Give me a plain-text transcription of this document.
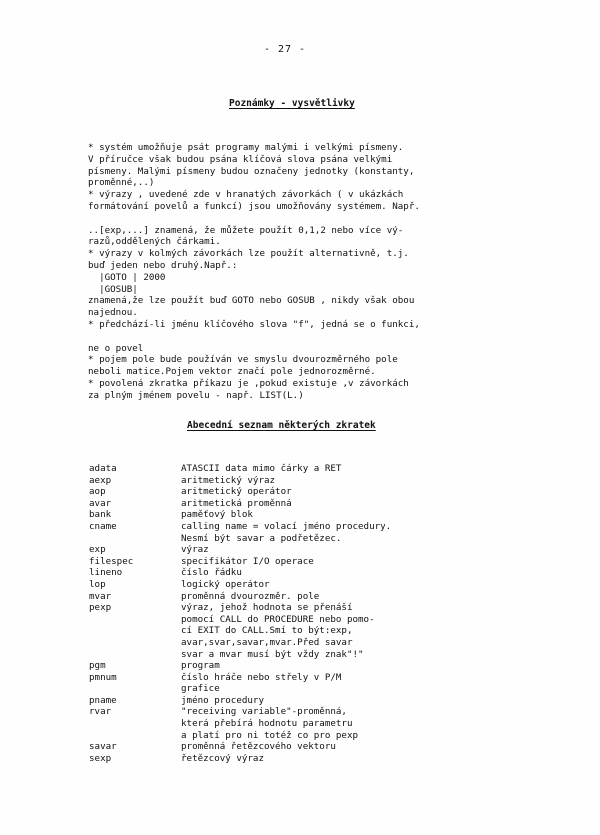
- 27 -
Poznámky - vysvětlivky
* systém umožňuje psát programy malými i velkými písmeny.
V příručce však budou psána klíčová slova psána velkými
písmeny. Malými písmeny budou označeny jednotky (konstanty,
proměnné,..)
* výrazy , uvedené zde v hranatých závorkách ( v ukázkách
formátování povelů a funkcí) jsou umožňovány systémem. Např.
..[exp,...] znamená, že můžete použít 0,1,2 nebo více vý-
razů,oddělených čárkami.
* výrazy v kolmých závorkách lze použít alternativně, t.j.
buď jeden nebo druhý.Např.:
|GOTO | 2000
|GOSUB|
znamená,že lze použít buď GOTO nebo GOSUB , nikdy však obou
najednou.
* předchází-li jménu klíčového slova "f", jedná se o funkci,
ne o povel
* pojem pole bude používán ve smyslu dvourozměrného pole
neboli matice.Pojem vektor značí pole jednorozměrné.
* povolená zkratka příkazu je ,pokud existuje ,v závorkách
za plným jménem povelu - např. LIST(L.)
Abecední seznam některých zkratek
adata	ATASCII data mimo čárky a RET
aexp	aritmetický výraz
aop	aritmetický operátor
avar	aritmetická proměnná
bank	paměťový blok
cname	calling name = volací jméno procedury.
Nesmí být savar a podřetězec.
exp	výraz
filespec	specifikátor I/O operace
lineno	číslo řádku
lop	logický operátor
mvar	proměnná dvourozměr. pole
pexp	výraz, jehož hodnota se přenáší
pomocí CALL do PROCEDURE nebo pomo-
cí EXIT do CALL.Smí to být:exp,
avar,svar,savar,mvar.Před savar
svar a mvar musí být vždy znak"!"
pgm	program
pmnum	číslo hráče nebo střely v P/M
grafice
pname	jméno procedury
rvar	"receiving variable"-proměnná,
která přebírá hodnotu parametru
a platí pro ni totéž co pro pexp
savar	proměnná řetězcového vektoru
sexp	řetězcový výraz
